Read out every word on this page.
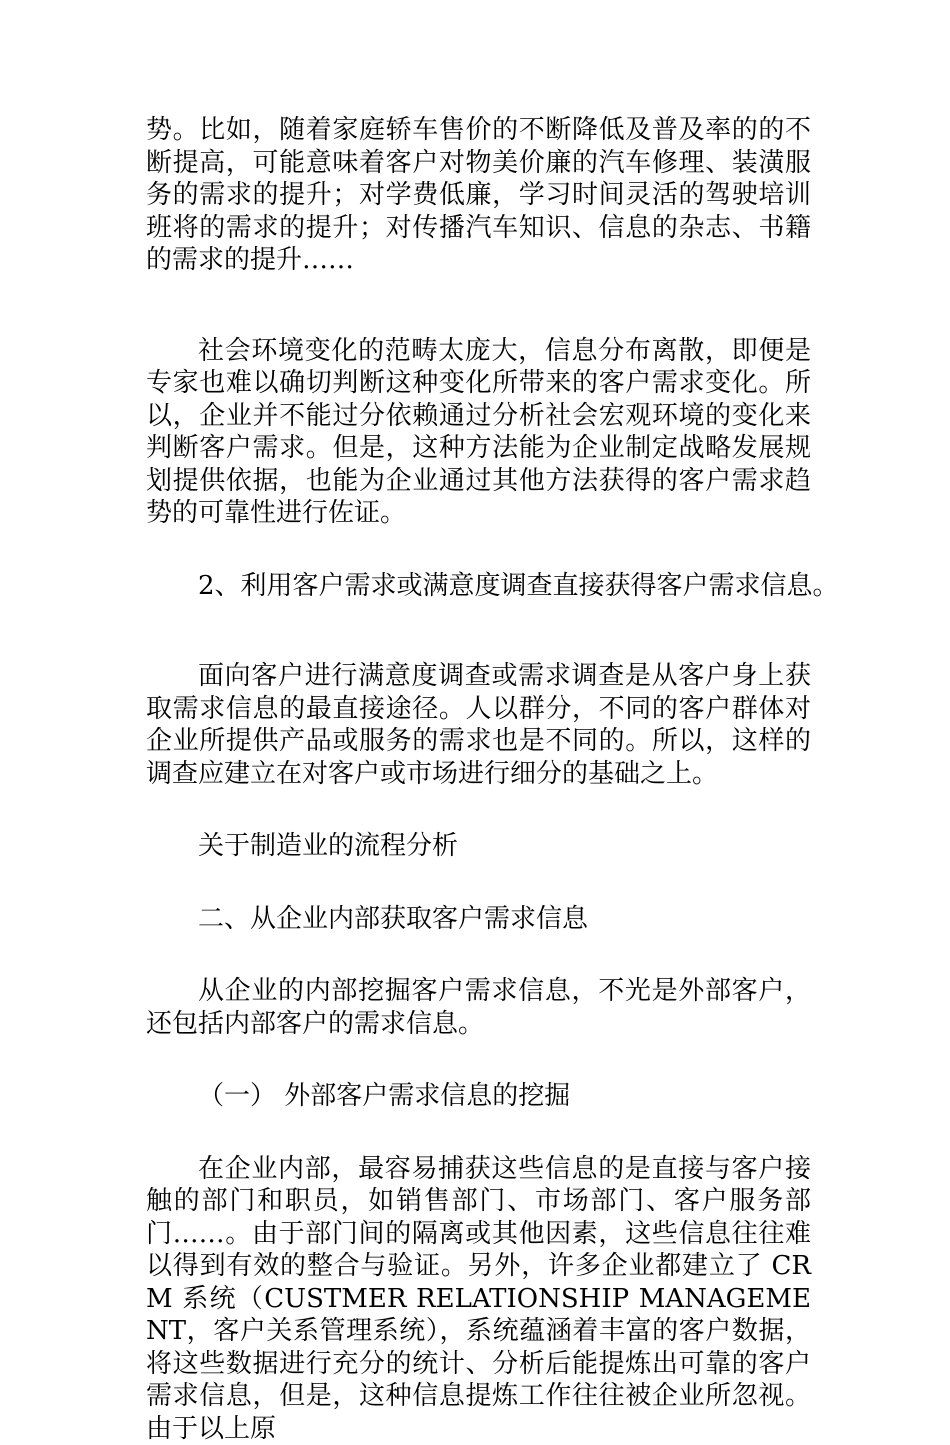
势。比如，随着家庭轿车售价的不断降低及普及率的的不断提高，可能意味着客户对物美价廉的汽车修理、装潢服务的需求的提升；对学费低廉，学习时间灵活的驾驶培训班将的需求的提升；对传播汽车知识、信息的杂志、书籍的需求的提升……

社会环境变化的范畴太庞大，信息分布离散，即便是专家也难以确切判断这种变化所带来的客户需求变化。所以，企业并不能过分依赖通过分析社会宏观环境的变化来判断客户需求。但是，这种方法能为企业制定战略发展规划提供依据，也能为企业通过其他方法获得的客户需求趋势的可靠性进行佐证。

2、利用客户需求或满意度调查直接获得客户需求信息。

面向客户进行满意度调查或需求调查是从客户身上获取需求信息的最直接途径。人以群分，不同的客户群体对企业所提供产品或服务的需求也是不同的。所以，这样的调查应建立在对客户或市场进行细分的基础之上。

关于制造业的流程分析

二、从企业内部获取客户需求信息

从企业的内部挖掘客户需求信息，不光是外部客户，还包括内部客户的需求信息。

（一） 外部客户需求信息的挖掘

在企业内部，最容易捕获这些信息的是直接与客户接触的部门和职员，如销售部门、市场部门、客户服务部门……。由于部门间的隔离或其他因素，这些信息往往难以得到有效的整合与验证。另外，许多企业都建立了 CRM 系统（CUSTMER RELATIONSHIP MANAGEMENT，客户关系管理系统），系统蕴涵着丰富的客户数据，将这些数据进行充分的统计、分析后能提炼出可靠的客户需求信息，但是，这种信息提炼工作往往被企业所忽视。由于以上原
